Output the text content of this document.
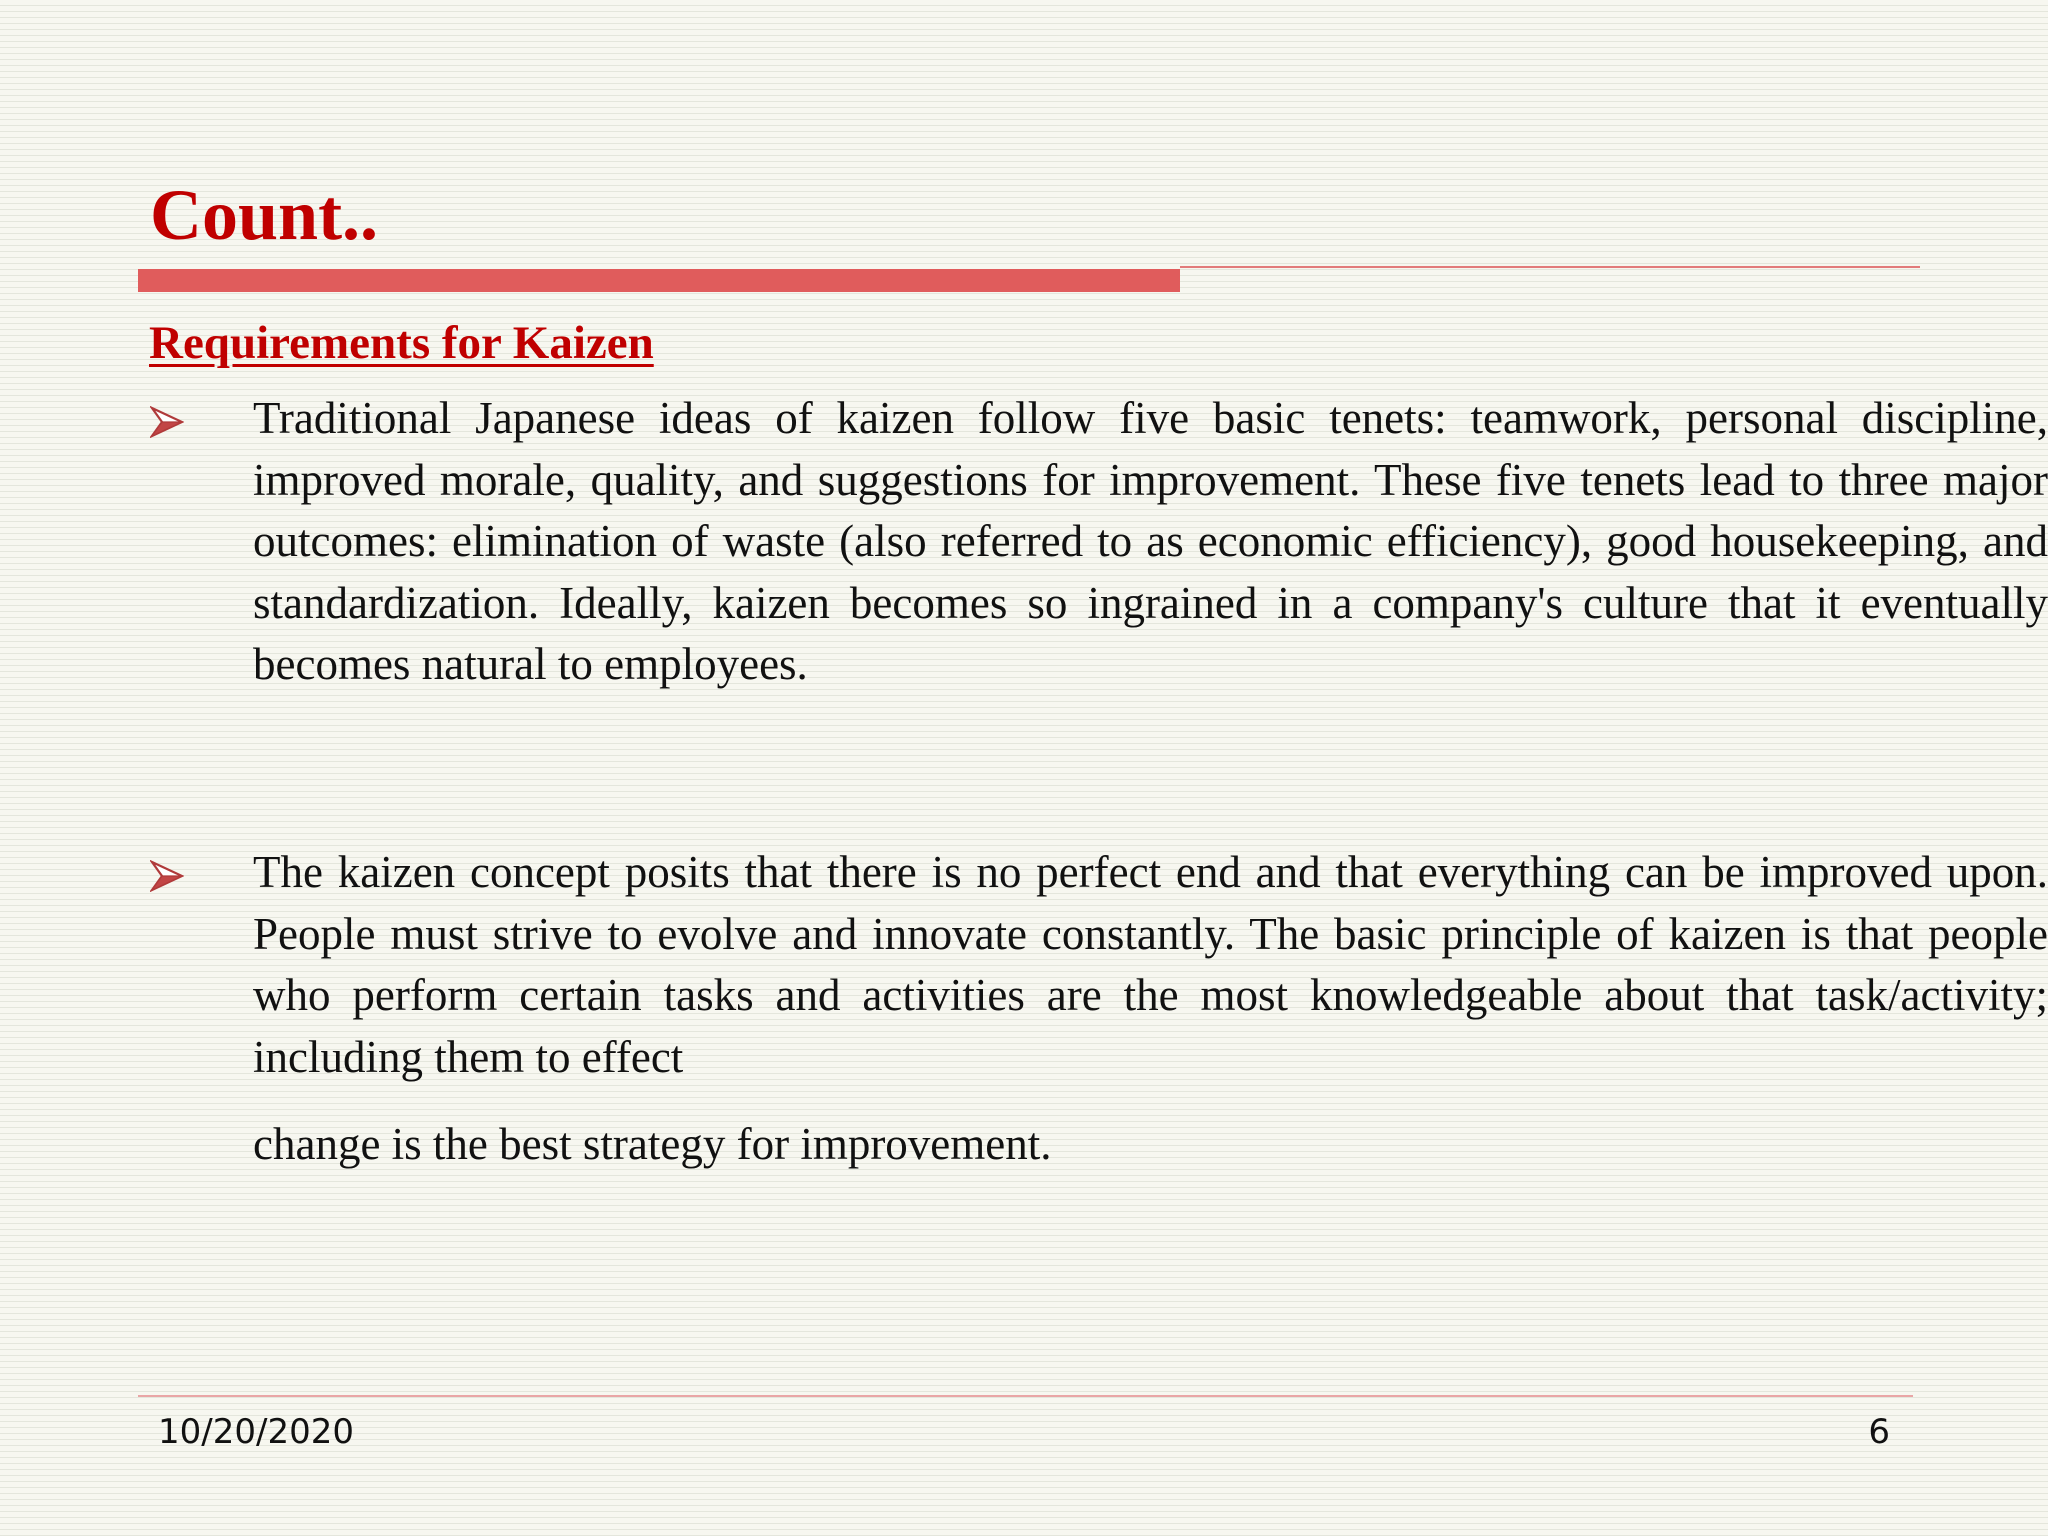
Count..
Requirements for Kaizen

Traditional Japanese ideas of kaizen follow five basic tenets: teamwork, personal discipline, improved morale, quality, and suggestions for improvement. These five tenets lead to three major outcomes: elimination of waste (also referred to as economic efficiency), good housekeeping, and standardization. Ideally, kaizen becomes so ingrained in a company's culture that it eventually becomes natural to employees.

The kaizen concept posits that there is no perfect end and that everything can be improved upon. People must strive to evolve and innovate constantly. The basic principle of kaizen is that people who perform certain tasks and activities are the most knowledgeable about that task/activity; including them to effect
change is the best strategy for improvement.

10/20/2020	6
